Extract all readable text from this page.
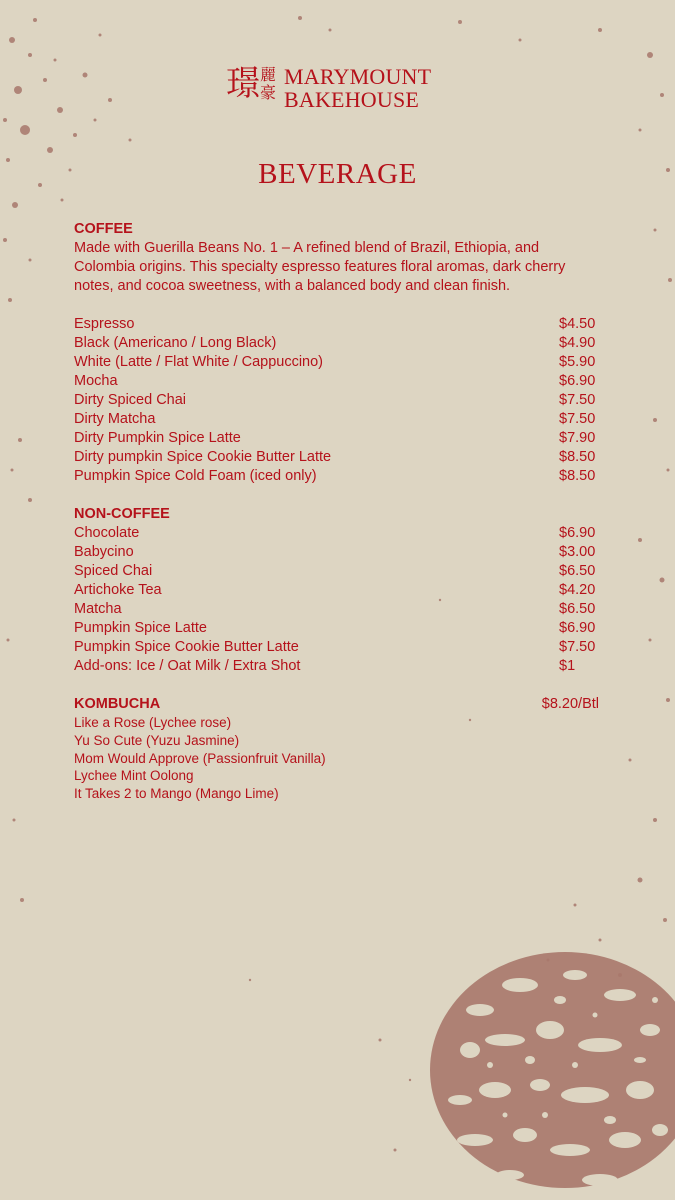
璟 麗豪
MARYMOUNT
BAKEHOUSE
BEVERAGE
COFFEE
Made with Guerilla Beans No. 1 – A refined blend of Brazil, Ethiopia, and Colombia origins. This specialty espresso features floral aromas, dark cherry notes, and cocoa sweetness, with a balanced body and clean finish.
Espresso	$4.50
Black (Americano / Long Black)	$4.90
White (Latte / Flat White / Cappuccino)	$5.90
Mocha	$6.90
Dirty Spiced Chai	$7.50
Dirty Matcha	$7.50
Dirty Pumpkin Spice Latte	$7.90
Dirty pumpkin Spice Cookie Butter Latte	$8.50
Pumpkin Spice Cold Foam (iced only)	$8.50
NON-COFFEE
Chocolate	$6.90
Babycino	$3.00
Spiced Chai	$6.50
Artichoke Tea	$4.20
Matcha	$6.50
Pumpkin Spice Latte	$6.90
Pumpkin Spice Cookie Butter Latte	$7.50
Add-ons: Ice / Oat Milk / Extra Shot	$1
KOMBUCHA	$8.20/Btl
Like a Rose (Lychee rose)
Yu So Cute (Yuzu Jasmine)
Mom Would Approve (Passionfruit Vanilla)
Lychee Mint Oolong
It Takes 2 to Mango (Mango Lime)
